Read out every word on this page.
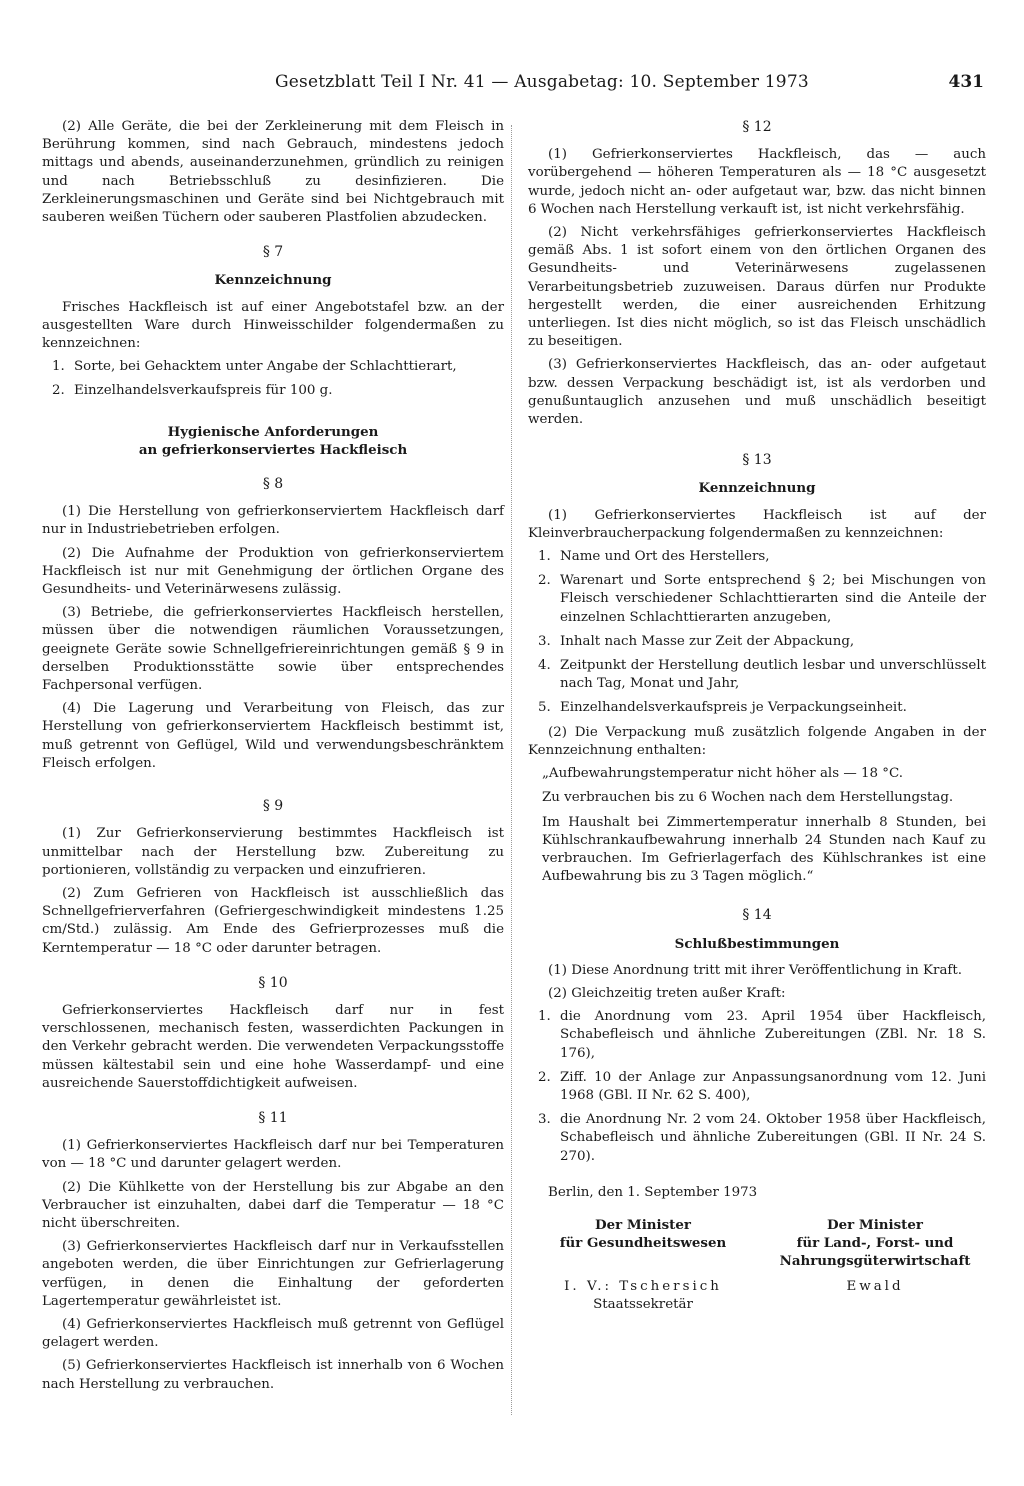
Gesetzblatt Teil I Nr. 41 — Ausgabetag: 10. September 1973	431

(2) Alle Geräte, die bei der Zerkleinerung mit dem Fleisch in Berührung kommen, sind nach Gebrauch, mindestens jedoch mittags und abends, auseinanderzunehmen, gründlich zu reinigen und nach Betriebsschluß zu desinfizieren. Die Zerkleinerungsmaschinen und Geräte sind bei Nichtgebrauch mit sauberen weißen Tüchern oder sauberen Plastfolien abzudecken.

§ 7
Kennzeichnung

Frisches Hackfleisch ist auf einer Angebotstafel bzw. an der ausgestellten Ware durch Hinweisschilder folgendermaßen zu kennzeichnen:

1. Sorte, bei Gehacktem unter Angabe der Schlachttierart,
2. Einzelhandelsverkaufspreis für 100 g.
Hygienische Anforderungen
an gefrierkonserviertes Hackfleisch
§ 8

(1) Die Herstellung von gefrierkonserviertem Hackfleisch darf nur in Industriebetrieben erfolgen.

(2) Die Aufnahme der Produktion von gefrierkonserviertem Hackfleisch ist nur mit Genehmigung der örtlichen Organe des Gesundheits- und Veterinärwesens zulässig.

(3) Betriebe, die gefrierkonserviertes Hackfleisch herstellen, müssen über die notwendigen räumlichen Voraussetzungen, geeignete Geräte sowie Schnellgefriereinrichtungen gemäß § 9 in derselben Produktionsstätte sowie über entsprechendes Fachpersonal verfügen.

(4) Die Lagerung und Verarbeitung von Fleisch, das zur Herstellung von gefrierkonserviertem Hackfleisch bestimmt ist, muß getrennt von Geflügel, Wild und verwendungsbeschränktem Fleisch erfolgen.

§ 9

(1) Zur Gefrierkonservierung bestimmtes Hackfleisch ist unmittelbar nach der Herstellung bzw. Zubereitung zu portionieren, vollständig zu verpacken und einzufrieren.

(2) Zum Gefrieren von Hackfleisch ist ausschließlich das Schnellgefrierverfahren (Gefriergeschwindigkeit mindestens 1.25 cm/Std.) zulässig. Am Ende des Gefrierprozesses muß die Kerntemperatur — 18 °C oder darunter betragen.

§ 10

Gefrierkonserviertes Hackfleisch darf nur in fest verschlossenen, mechanisch festen, wasserdichten Packungen in den Verkehr gebracht werden. Die verwendeten Verpackungsstoffe müssen kältestabil sein und eine hohe Wasserdampf- und eine ausreichende Sauerstoffdichtigkeit aufweisen.

§ 11

(1) Gefrierkonserviertes Hackfleisch darf nur bei Temperaturen von — 18 °C und darunter gelagert werden.

(2) Die Kühlkette von der Herstellung bis zur Abgabe an den Verbraucher ist einzuhalten, dabei darf die Temperatur — 18 °C nicht überschreiten.

(3) Gefrierkonserviertes Hackfleisch darf nur in Verkaufsstellen angeboten werden, die über Einrichtungen zur Gefrierlagerung verfügen, in denen die Einhaltung der geforderten Lagertemperatur gewährleistet ist.

(4) Gefrierkonserviertes Hackfleisch muß getrennt von Geflügel gelagert werden.

(5) Gefrierkonserviertes Hackfleisch ist innerhalb von 6 Wochen nach Herstellung zu verbrauchen.

§ 12

(1) Gefrierkonserviertes Hackfleisch, das — auch vorübergehend — höheren Temperaturen als — 18 °C ausgesetzt wurde, jedoch nicht an- oder aufgetaut war, bzw. das nicht binnen 6 Wochen nach Herstellung verkauft ist, ist nicht verkehrsfähig.

(2) Nicht verkehrsfähiges gefrierkonserviertes Hackfleisch gemäß Abs. 1 ist sofort einem von den örtlichen Organen des Gesundheits- und Veterinärwesens zugelassenen Verarbeitungsbetrieb zuzuweisen. Daraus dürfen nur Produkte hergestellt werden, die einer ausreichenden Erhitzung unterliegen. Ist dies nicht möglich, so ist das Fleisch unschädlich zu beseitigen.

(3) Gefrierkonserviertes Hackfleisch, das an- oder aufgetaut bzw. dessen Verpackung beschädigt ist, ist als verdorben und genußuntauglich anzusehen und muß unschädlich beseitigt werden.

§ 13
Kennzeichnung

(1) Gefrierkonserviertes Hackfleisch ist auf der Kleinverbraucherpackung folgendermaßen zu kennzeichnen:

1. Name und Ort des Herstellers,
2. Warenart und Sorte entsprechend § 2; bei Mischungen von Fleisch verschiedener Schlachttierarten sind die Anteile der einzelnen Schlachttierarten anzugeben,
3. Inhalt nach Masse zur Zeit der Abpackung,
4. Zeitpunkt der Herstellung deutlich lesbar und unverschlüsselt nach Tag, Monat und Jahr,
5. Einzelhandelsverkaufspreis je Verpackungseinheit.

(2) Die Verpackung muß zusätzlich folgende Angaben in der Kennzeichnung enthalten:

„Aufbewahrungstemperatur nicht höher als — 18 °C.

Zu verbrauchen bis zu 6 Wochen nach dem Herstellungstag.

Im Haushalt bei Zimmertemperatur innerhalb 8 Stunden, bei Kühlschrankaufbewahrung innerhalb 24 Stunden nach Kauf zu verbrauchen. Im Gefrierlagerfach des Kühlschrankes ist eine Aufbewahrung bis zu 3 Tagen möglich.“

§ 14
Schlußbestimmungen

(1) Diese Anordnung tritt mit ihrer Veröffentlichung in Kraft.

(2) Gleichzeitig treten außer Kraft:

1. die Anordnung vom 23. April 1954 über Hackfleisch, Schabefleisch und ähnliche Zubereitungen (ZBl. Nr. 18 S. 176),
2. Ziff. 10 der Anlage zur Anpassungsanordnung vom 12. Juni 1968 (GBl. II Nr. 62 S. 400),
3. die Anordnung Nr. 2 vom 24. Oktober 1958 über Hackfleisch, Schabefleisch und ähnliche Zubereitungen (GBl. II Nr. 24 S. 270).

Berlin, den 1. September 1973

Der Minister
für Gesundheitswesen
I. V.: Tschersich
Staatssekretär
Der Minister
für Land-, Forst- und
Nahrungsgüterwirtschaft
Ewald
